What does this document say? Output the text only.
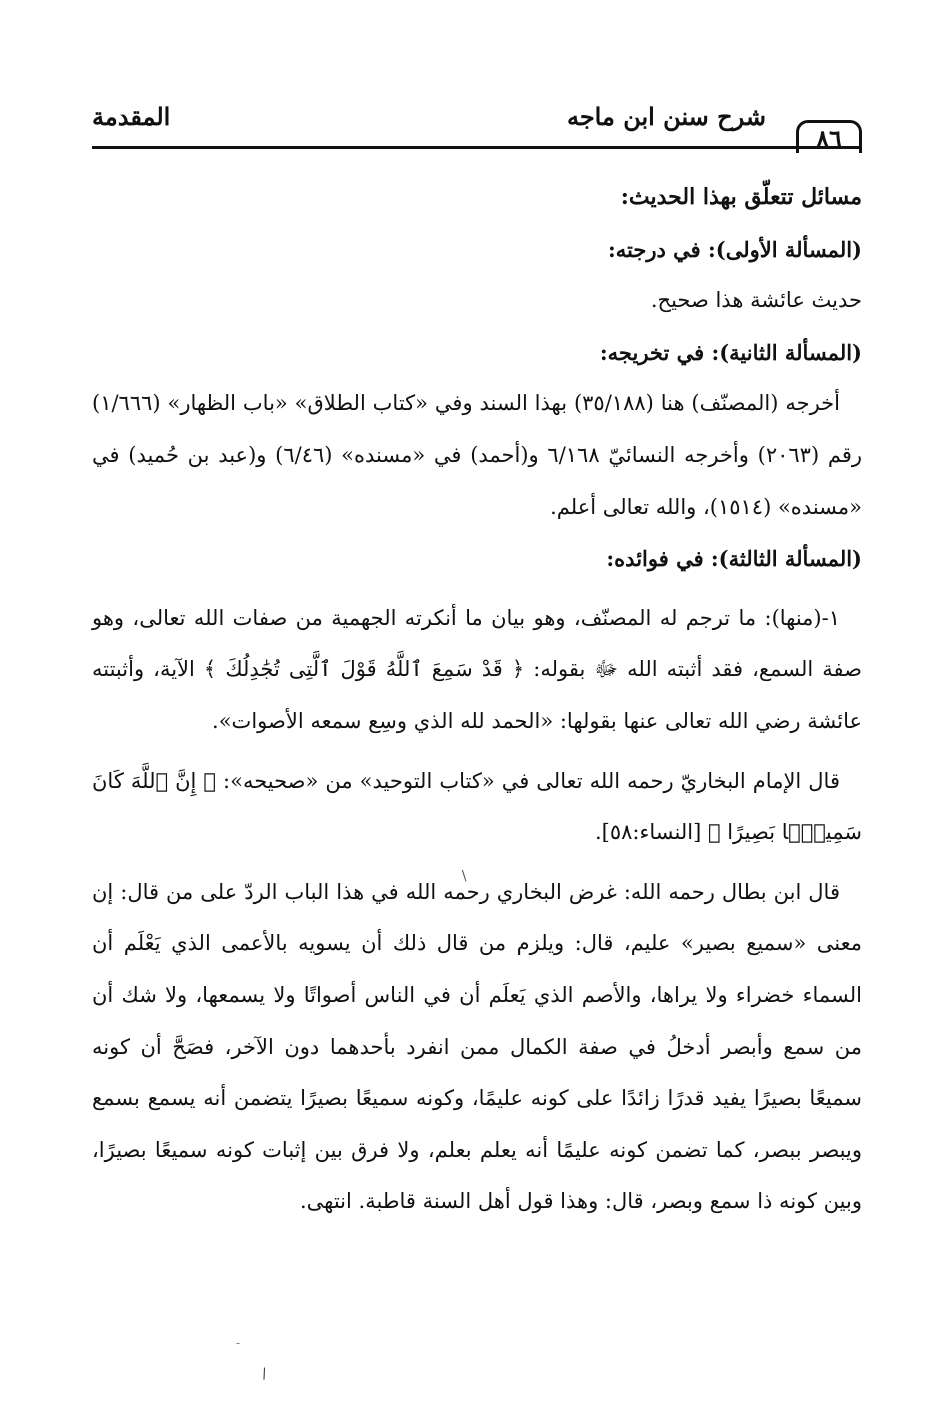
٨٦
شرح سنن ابن ماجه
المقدمة

مسائل تتعلّق بهذا الحديث:

(المسألة الأولى): في درجته:

حديث عائشة هذا صحيح.

(المسألة الثانية): في تخريجه:

أخرجه (المصنّف) هنا (٣٥/١٨٨) بهذا السند وفي «كتاب الطلاق» «باب الظهار» (١/٦٦٦) رقم (٢٠٦٣) وأخرجه النسائيّ ٦/١٦٨ و(أحمد) في «مسنده» (٦/٤٦) و(عبد بن حُميد) في «مسنده» (١٥١٤)، والله تعالى أعلم.

(المسألة الثالثة): في فوائده:

١-(منها): ما ترجم له المصنّف، وهو بيان ما أنكرته الجهمية من صفات الله تعالى، وهو صفة السمع، فقد أثبته الله ﷻ بقوله: ﴿ قَدْ سَمِعَ ٱللَّهُ قَوْلَ ٱلَّتِى تُجَٰدِلُكَ ﴾ الآية، وأثبتته عائشة رضي الله تعالى عنها بقولها: «الحمد لله الذي وسِع سمعه الأصوات».

قال الإمام البخاريّ رحمه الله تعالى في «كتاب التوحيد» من «صحيحه»: ﴿ إِنَّ ٱللَّهَ كَانَ سَمِيعًۢا بَصِيرًا ﴾ [النساء:٥٨].

قال ابن بطال رحمه الله: غرض البخاري رحمه الله في هذا الباب الردّ على من قال: إن معنى «سميع بصير» عليم، قال: ويلزم من قال ذلك أن يسويه بالأعمى الذي يَعْلَم أن السماء خضراء ولا يراها، والأصم الذي يَعلَم أن في الناس أصواتًا ولا يسمعها، ولا شك أن من سمع وأبصر أدخلُ في صفة الكمال ممن انفرد بأحدهما دون الآخر، فصَحَّ أن كونه سميعًا بصيرًا يفيد قدرًا زائدًا على كونه عليمًا، وكونه سميعًا بصيرًا يتضمن أنه يسمع بسمع ويبصر ببصر، كما تضمن كونه عليمًا أنه يعلم بعلم، ولا فرق بين إثبات كونه سميعًا بصيرًا، وبين كونه ذا سمع وبصر، قال: وهذا قول أهل السنة قاطبة. انتهى.

/
-
/
